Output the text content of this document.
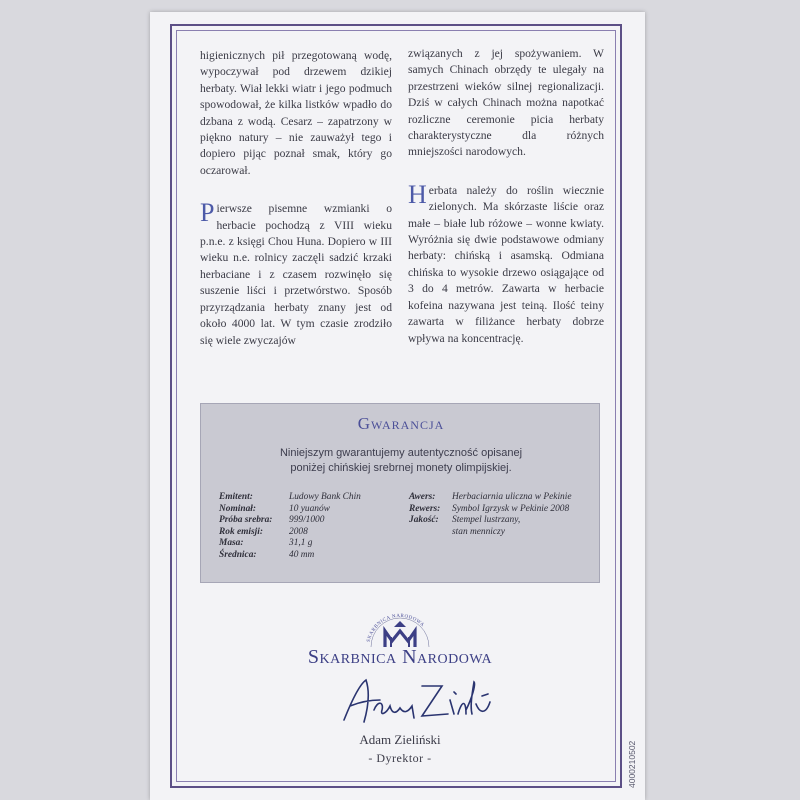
higienicznych pił przegotowaną wodę, wypoczywał pod drzewem dzikiej herbaty. Wiał lekki wiatr i jego podmuch spowodował, że kilka listków wpadło do dzbana z wodą. Cesarz – zapatrzony w piękno natury – nie zauważył tego i dopiero pijąc poznał smak, który go oczarował.

Pierwsze pisemne wzmianki o herbacie pochodzą z VIII wieku p.n.e. z księgi Chou Huna. Dopiero w III wieku n.e. rolnicy zaczęli sadzić krzaki herbaciane i z czasem rozwinęło się suszenie liści i przetwórstwo. Sposób przyrządzania herbaty znany jest od około 4000 lat. W tym czasie zrodziło się wiele zwyczajów

związanych z jej spożywaniem. W samych Chinach obrzędy te ulegały na przestrzeni wieków silnej regionalizacji. Dziś w całych Chinach można napotkać rozliczne ceremonie picia herbaty charakterystyczne dla różnych mniejszości narodowych.

Herbata należy do roślin wiecznie zielonych. Ma skórzaste liście oraz małe – białe lub różowe – wonne kwiaty. Wyróżnia się dwie podstawowe odmiany herbaty: chińską i asamską. Odmiana chińska to wysokie drzewo osiągające od 3 do 4 metrów. Zawarta w herbacie kofeina nazywana jest teiną. Ilość teiny zawarta w filiżance herbaty dobrze wpływa na koncentrację.

Gwarancja
Niniejszym gwarantujemy autentyczność opisanej poniżej chińskiej srebrnej monety olimpijskiej.
Emitent:	Ludowy Bank Chin
Nominał:	10 yuanów
Próba srebra: 999/1000
Rok emisji:	2008
Masa:	31,1 g
Średnica:	40 mm
Awers: Herbaciarnia uliczna w Pekinie
Rewers: Symbol Igrzysk w Pekinie 2008
Jakość: Stempel lustrzany,
stan menniczy
SKARBNICA NARODOWA
Skarbnica Narodowa
Adam Zieliński
- Dyrektor -	4000210502
